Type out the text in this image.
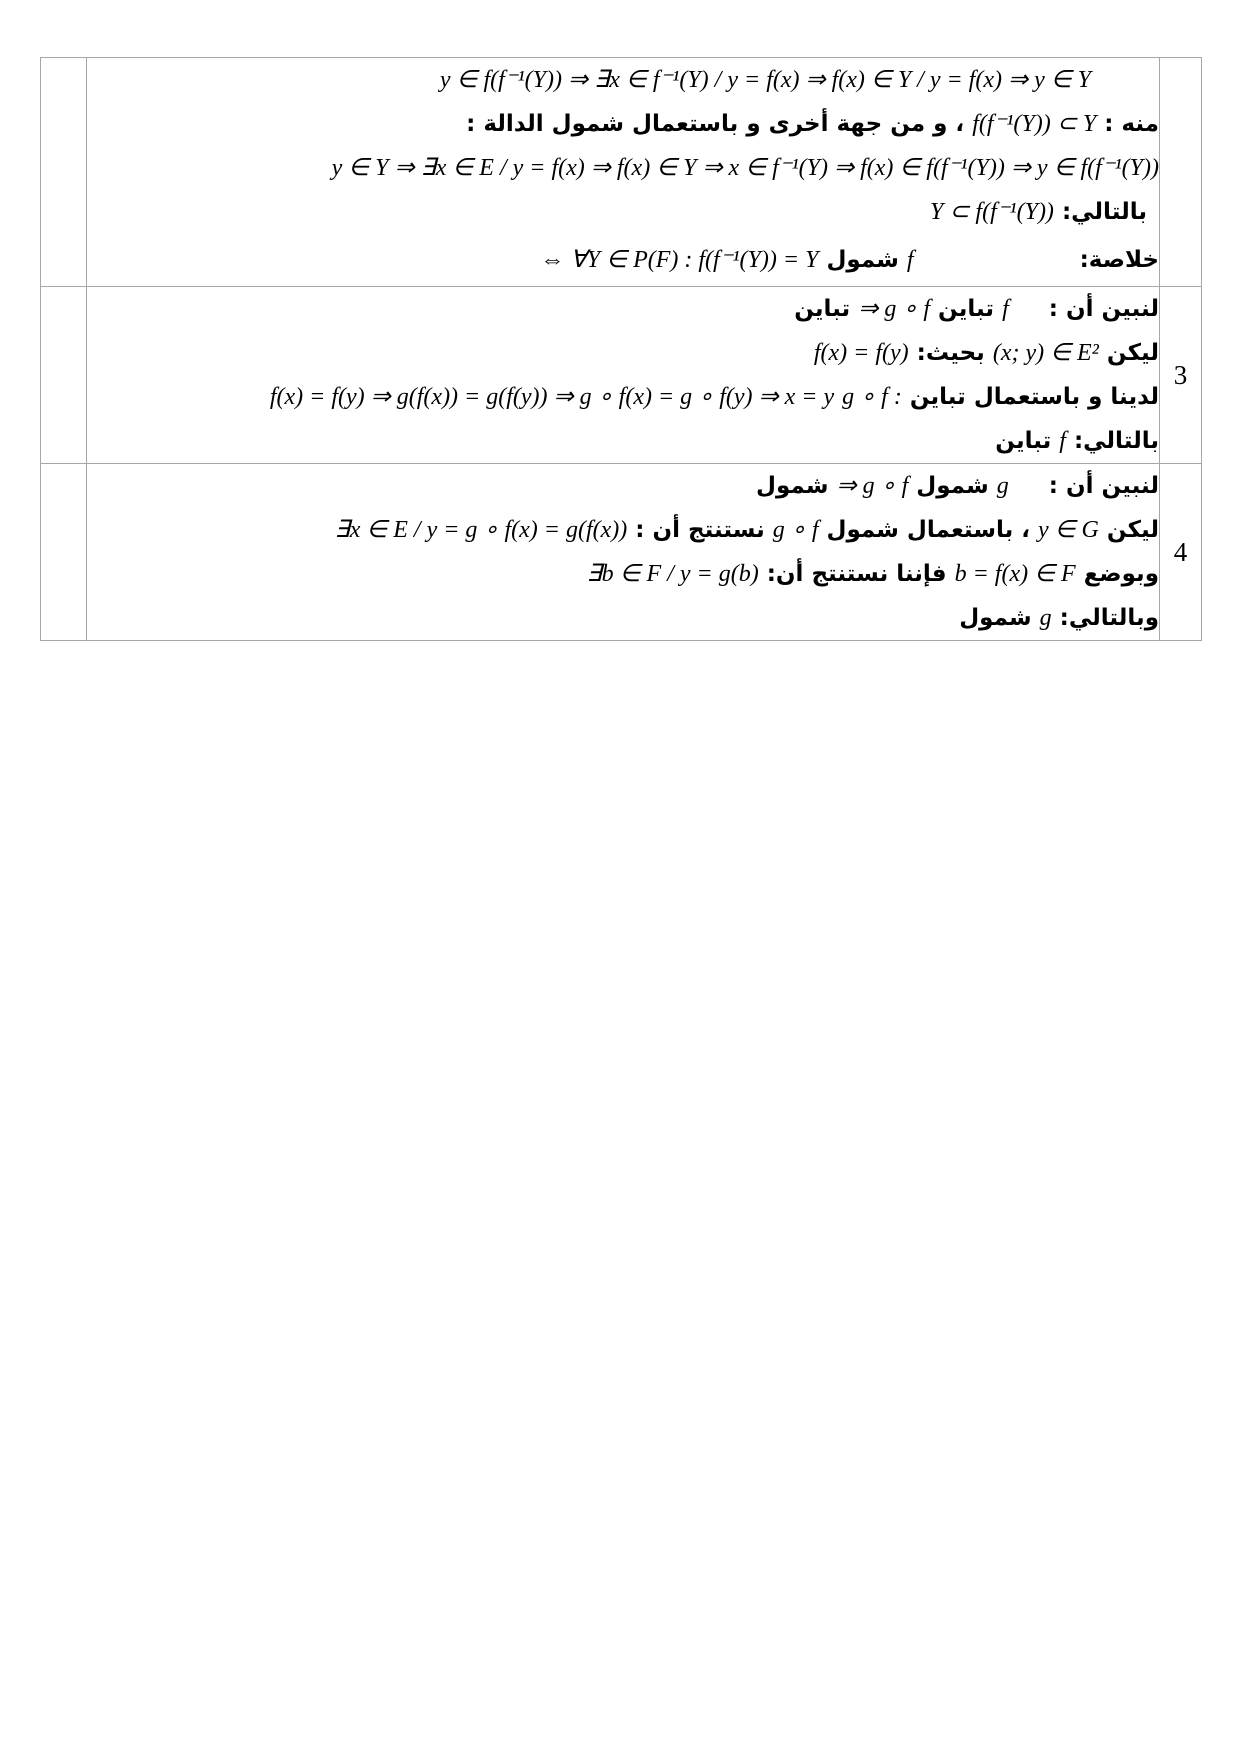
	y ∈ f(f⁻¹(Y)) ⇒ ∃x ∈ f⁻¹(Y) / y = f(x) ⇒ f(x) ∈ Y / y = f(x) ⇒ y ∈ Y
منه : f(f⁻¹(Y)) ⊂ Y ، و من جهة أخرى و باستعمال شمول الدالة :
y ∈ Y ⇒ ∃x ∈ E / y = f(x) ⇒ f(x) ∈ Y ⇒ x ∈ f⁻¹(Y) ⇒ f(x) ∈ f(f⁻¹(Y)) ⇒ y ∈ f(f⁻¹(Y))
بالتالي: Y ⊂ f(f⁻¹(Y))
خلاصة:  f شمول ⇔ ∀Y ∈ P(F) : f(f⁻¹(Y)) = Y	

	لنبين أن :  f تباين ⇒ g ∘ f تباين
ليكن (x; y) ∈ E² بحيث: f(x) = f(y)
لدينا و باستعمال تباين g ∘ f : f(x) = f(y) ⇒ g(f(x)) = g(f(y)) ⇒ g ∘ f(x) = g ∘ f(y) ⇒ x = y
بالتالي: f تباين	3

	لنبين أن :  g شمول ⇒ g ∘ f شمول
ليكن y ∈ G ، باستعمال شمول g ∘ f نستنتج أن : ∃x ∈ E / y = g ∘ f(x) = g(f(x))
وبوضع b = f(x) ∈ F فإننا نستنتج أن: ∃b ∈ F / y = g(b)
وبالتالي: g شمول	4
